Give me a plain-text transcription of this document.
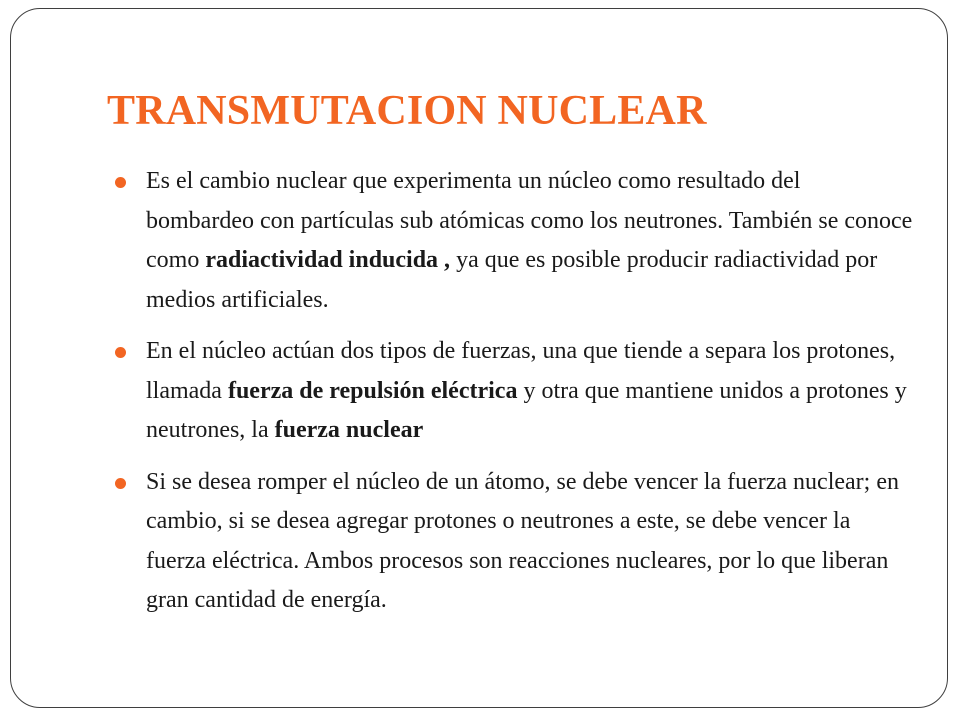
TRANSMUTACION NUCLEAR
Es el cambio nuclear que experimenta un núcleo como resultado del bombardeo con partículas sub atómicas como los neutrones. También se conoce como radiactividad inducida , ya que es posible producir radiactividad por medios artificiales.
En el núcleo actúan dos tipos de fuerzas, una que tiende a separa los protones, llamada fuerza de repulsión eléctrica y otra que mantiene unidos a protones y neutrones, la fuerza nuclear
Si se desea romper el núcleo de un átomo, se debe vencer la fuerza nuclear; en cambio, si se desea agregar protones o neutrones a este, se debe vencer la fuerza eléctrica. Ambos procesos son reacciones nucleares, por lo que liberan gran cantidad de energía.
